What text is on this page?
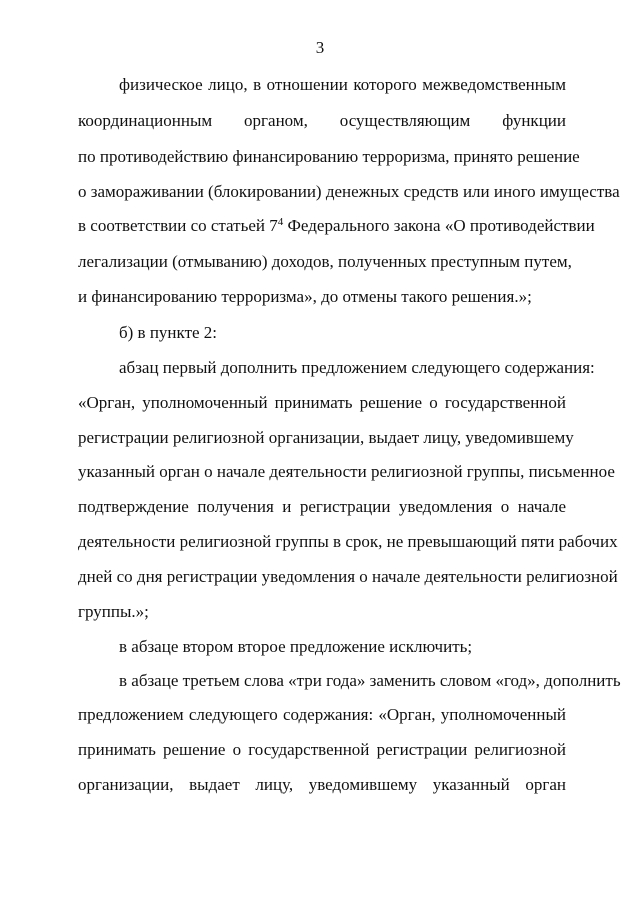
3
физическое лицо, в отношении которого межведомственным
координационным органом, осуществляющим функции
по противодействию финансированию терроризма, принято решение
о замораживании (блокировании) денежных средств или иного имущества
в соответствии со статьей $7^4$ Федерального закона «О противодействии
легализации (отмыванию) доходов, полученных преступным путем,
и финансированию терроризма», до отмены такого решения.»;
б) в пункте 2:
абзац первый дополнить предложением следующего содержания:
«Орган, уполномоченный принимать решение о государственной
регистрации религиозной организации, выдает лицу, уведомившему
указанный орган о начале деятельности религиозной группы, письменное
подтверждение получения и регистрации уведомления о начале
деятельности религиозной группы в срок, не превышающий пяти рабочих
дней со дня регистрации уведомления о начале деятельности религиозной
группы.»;
в абзаце втором второе предложение исключить;
в абзаце третьем слова «три года» заменить словом «год», дополнить
предложением следующего содержания: «Орган, уполномоченный
принимать решение о государственной регистрации религиозной
организации, выдает лицу, уведомившему указанный орган
